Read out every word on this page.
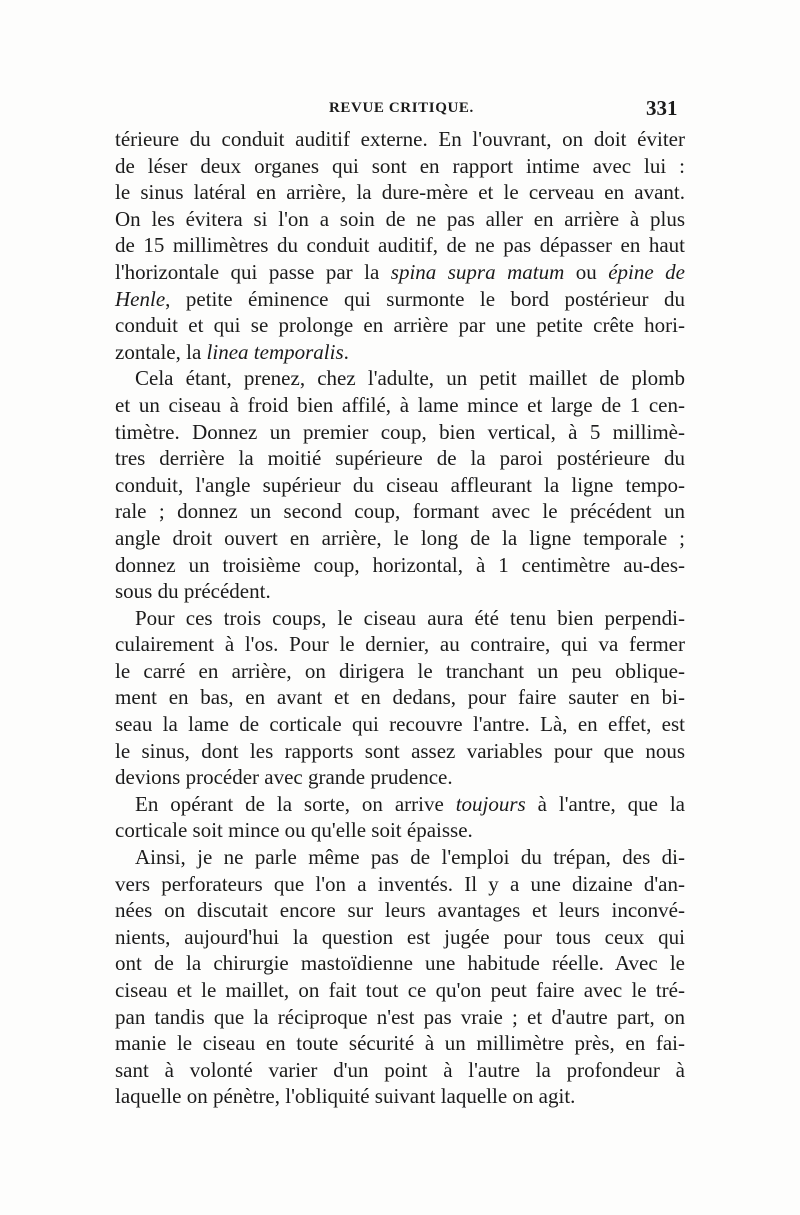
REVUE CRITIQUE.	331
térieure du conduit auditif externe. En l'ouvrant, on doit éviter
de léser deux organes qui sont en rapport intime avec lui :
le sinus latéral en arrière, la dure-mère et le cerveau en avant.
On les évitera si l'on a soin de ne pas aller en arrière à plus
de 15 millimètres du conduit auditif, de ne pas dépasser en haut
l'horizontale qui passe par la spina supra matum ou épine de
Henle, petite éminence qui surmonte le bord postérieur du
conduit et qui se prolonge en arrière par une petite crête hori-
zontale, la linea temporalis.
Cela étant, prenez, chez l'adulte, un petit maillet de plomb
et un ciseau à froid bien affilé, à lame mince et large de 1 cen-
timètre. Donnez un premier coup, bien vertical, à 5 millimè-
tres derrière la moitié supérieure de la paroi postérieure du
conduit, l'angle supérieur du ciseau affleurant la ligne tempo-
rale ; donnez un second coup, formant avec le précédent un
angle droit ouvert en arrière, le long de la ligne temporale ;
donnez un troisième coup, horizontal, à 1 centimètre au-des-
sous du précédent.
Pour ces trois coups, le ciseau aura été tenu bien perpendi-
culairement à l'os. Pour le dernier, au contraire, qui va fermer
le carré en arrière, on dirigera le tranchant un peu oblique-
ment en bas, en avant et en dedans, pour faire sauter en bi-
seau la lame de corticale qui recouvre l'antre. Là, en effet, est
le sinus, dont les rapports sont assez variables pour que nous
devions procéder avec grande prudence.
En opérant de la sorte, on arrive toujours à l'antre, que la
corticale soit mince ou qu'elle soit épaisse.
Ainsi, je ne parle même pas de l'emploi du trépan, des di-
vers perforateurs que l'on a inventés. Il y a une dizaine d'an-
nées on discutait encore sur leurs avantages et leurs inconvé-
nients, aujourd'hui la question est jugée pour tous ceux qui
ont de la chirurgie mastoïdienne une habitude réelle. Avec le
ciseau et le maillet, on fait tout ce qu'on peut faire avec le tré-
pan tandis que la réciproque n'est pas vraie ; et d'autre part, on
manie le ciseau en toute sécurité à un millimètre près, en fai-
sant à volonté varier d'un point à l'autre la profondeur à
laquelle on pénètre, l'obliquité suivant laquelle on agit.
